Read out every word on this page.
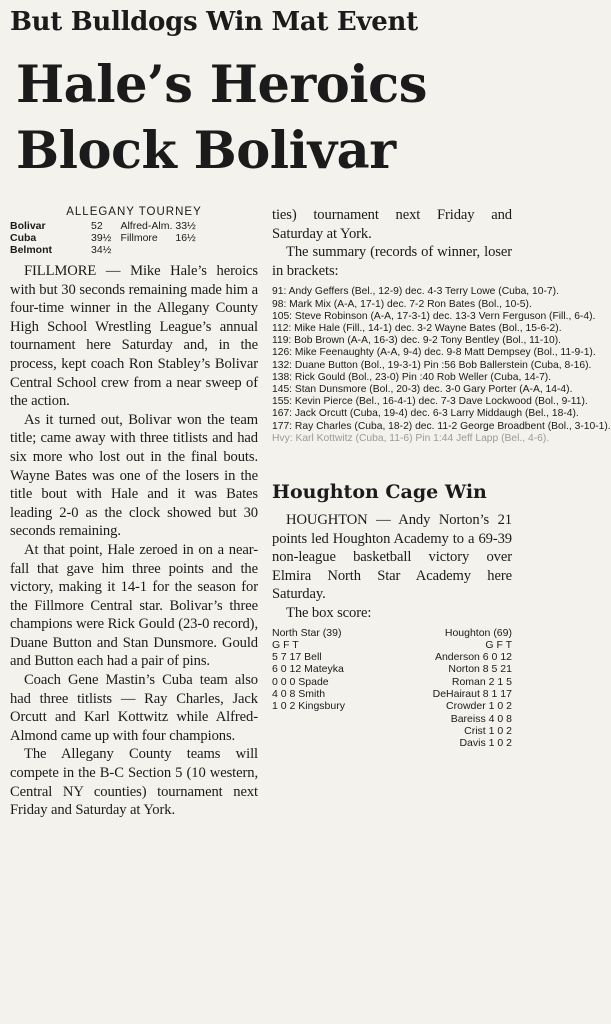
But Bulldogs Win Mat Event
Hale’s Heroics
Block Bolivar
ALLEGANY TOURNEY
Bolivar	52	Alfred-Alm.	33½
Cuba	39½	Fillmore	16½
Belmont	34½		

FILLMORE — Mike Hale’s heroics with but 30 seconds remaining made him a four-time winner in the Allegany County High School Wrestling League’s annual tournament here Saturday and, in the process, kept coach Ron Stabley’s Bolivar Central School crew from a near sweep of the action.

As it turned out, Bolivar won the team title; came away with three titlists and had six more who lost out in the final bouts. Wayne Bates was one of the losers in the title bout with Hale and it was Bates leading 2-0 as the clock showed but 30 seconds remaining.

At that point, Hale zeroed in on a near-fall that gave him three points and the victory, making it 14-1 for the season for the Fillmore Central star. Bolivar’s three champions were Rick Gould (23-0 record), Duane Button and Stan Dunsmore. Gould and Button each had a pair of pins.

Coach Gene Mastin’s Cuba team also had three titlists — Ray Charles, Jack Orcutt and Karl Kottwitz while Alfred-Almond came up with four champions.

The Allegany County teams will compete in the B-C Section 5 (10 western, Central NY counties) tournament next Friday and Saturday at York.

ties) tournament next Friday and Saturday at York.

The summary (records of winner, loser in brackets:

91: Andy Geffers (Bel., 12-9) dec. 4-3 Terry Lowe (Cuba, 10-7).
98: Mark Mix (A-A, 17-1) dec. 7-2 Ron Bates (Bol., 10-5).
105: Steve Robinson (A-A, 17-3-1) dec. 13-3 Vern Ferguson (Fill., 6-4).
112: Mike Hale (Fill., 14-1) dec. 3-2 Wayne Bates (Bol., 15-6-2).
119: Bob Brown (A-A, 16-3) dec. 9-2 Tony Bentley (Bol., 11-10).
126: Mike Feenaughty (A-A, 9-4) dec. 9-8 Matt Dempsey (Bol., 11-9-1).
132: Duane Button (Bol., 19-3-1) Pin :56 Bob Ballerstein (Cuba, 8-16).
138: Rick Gould (Bol., 23-0) Pin :40 Rob Weller (Cuba, 14-7).
145: Stan Dunsmore (Bol., 20-3) dec. 3-0 Gary Porter (A-A, 14-4).
155: Kevin Pierce (Bel., 16-4-1) dec. 7-3 Dave Lockwood (Bol., 9-11).
167: Jack Orcutt (Cuba, 19-4) dec. 6-3 Larry Middaugh (Bel., 18-4).
177: Ray Charles (Cuba, 18-2) dec. 11-2 George Broadbent (Bol., 3-10-1).
Hvy: Karl Kottwitz (Cuba, 11-6) Pin 1:44 Jeff Lapp (Bel., 4-6).
Houghton Cage Win

HOUGHTON — Andy Norton’s 21 points led Houghton Academy to a 69-39 non-league basketball victory over Elmira North Star Academy here Saturday.

The box score:

North Star (39)
G F T
5 7 17 Bell
6 0 12 Mateyka
0 0 0 Spade
4 0 8 Smith
1 0 2 Kingsbury
Houghton (69)
G F T
Anderson 6 0 12
Norton 8 5 21
Roman 2 1 5
DeHairaut 8 1 17
Crowder 1 0 2
Bareiss 4 0 8
Crist 1 0 2
Davis 1 0 2
